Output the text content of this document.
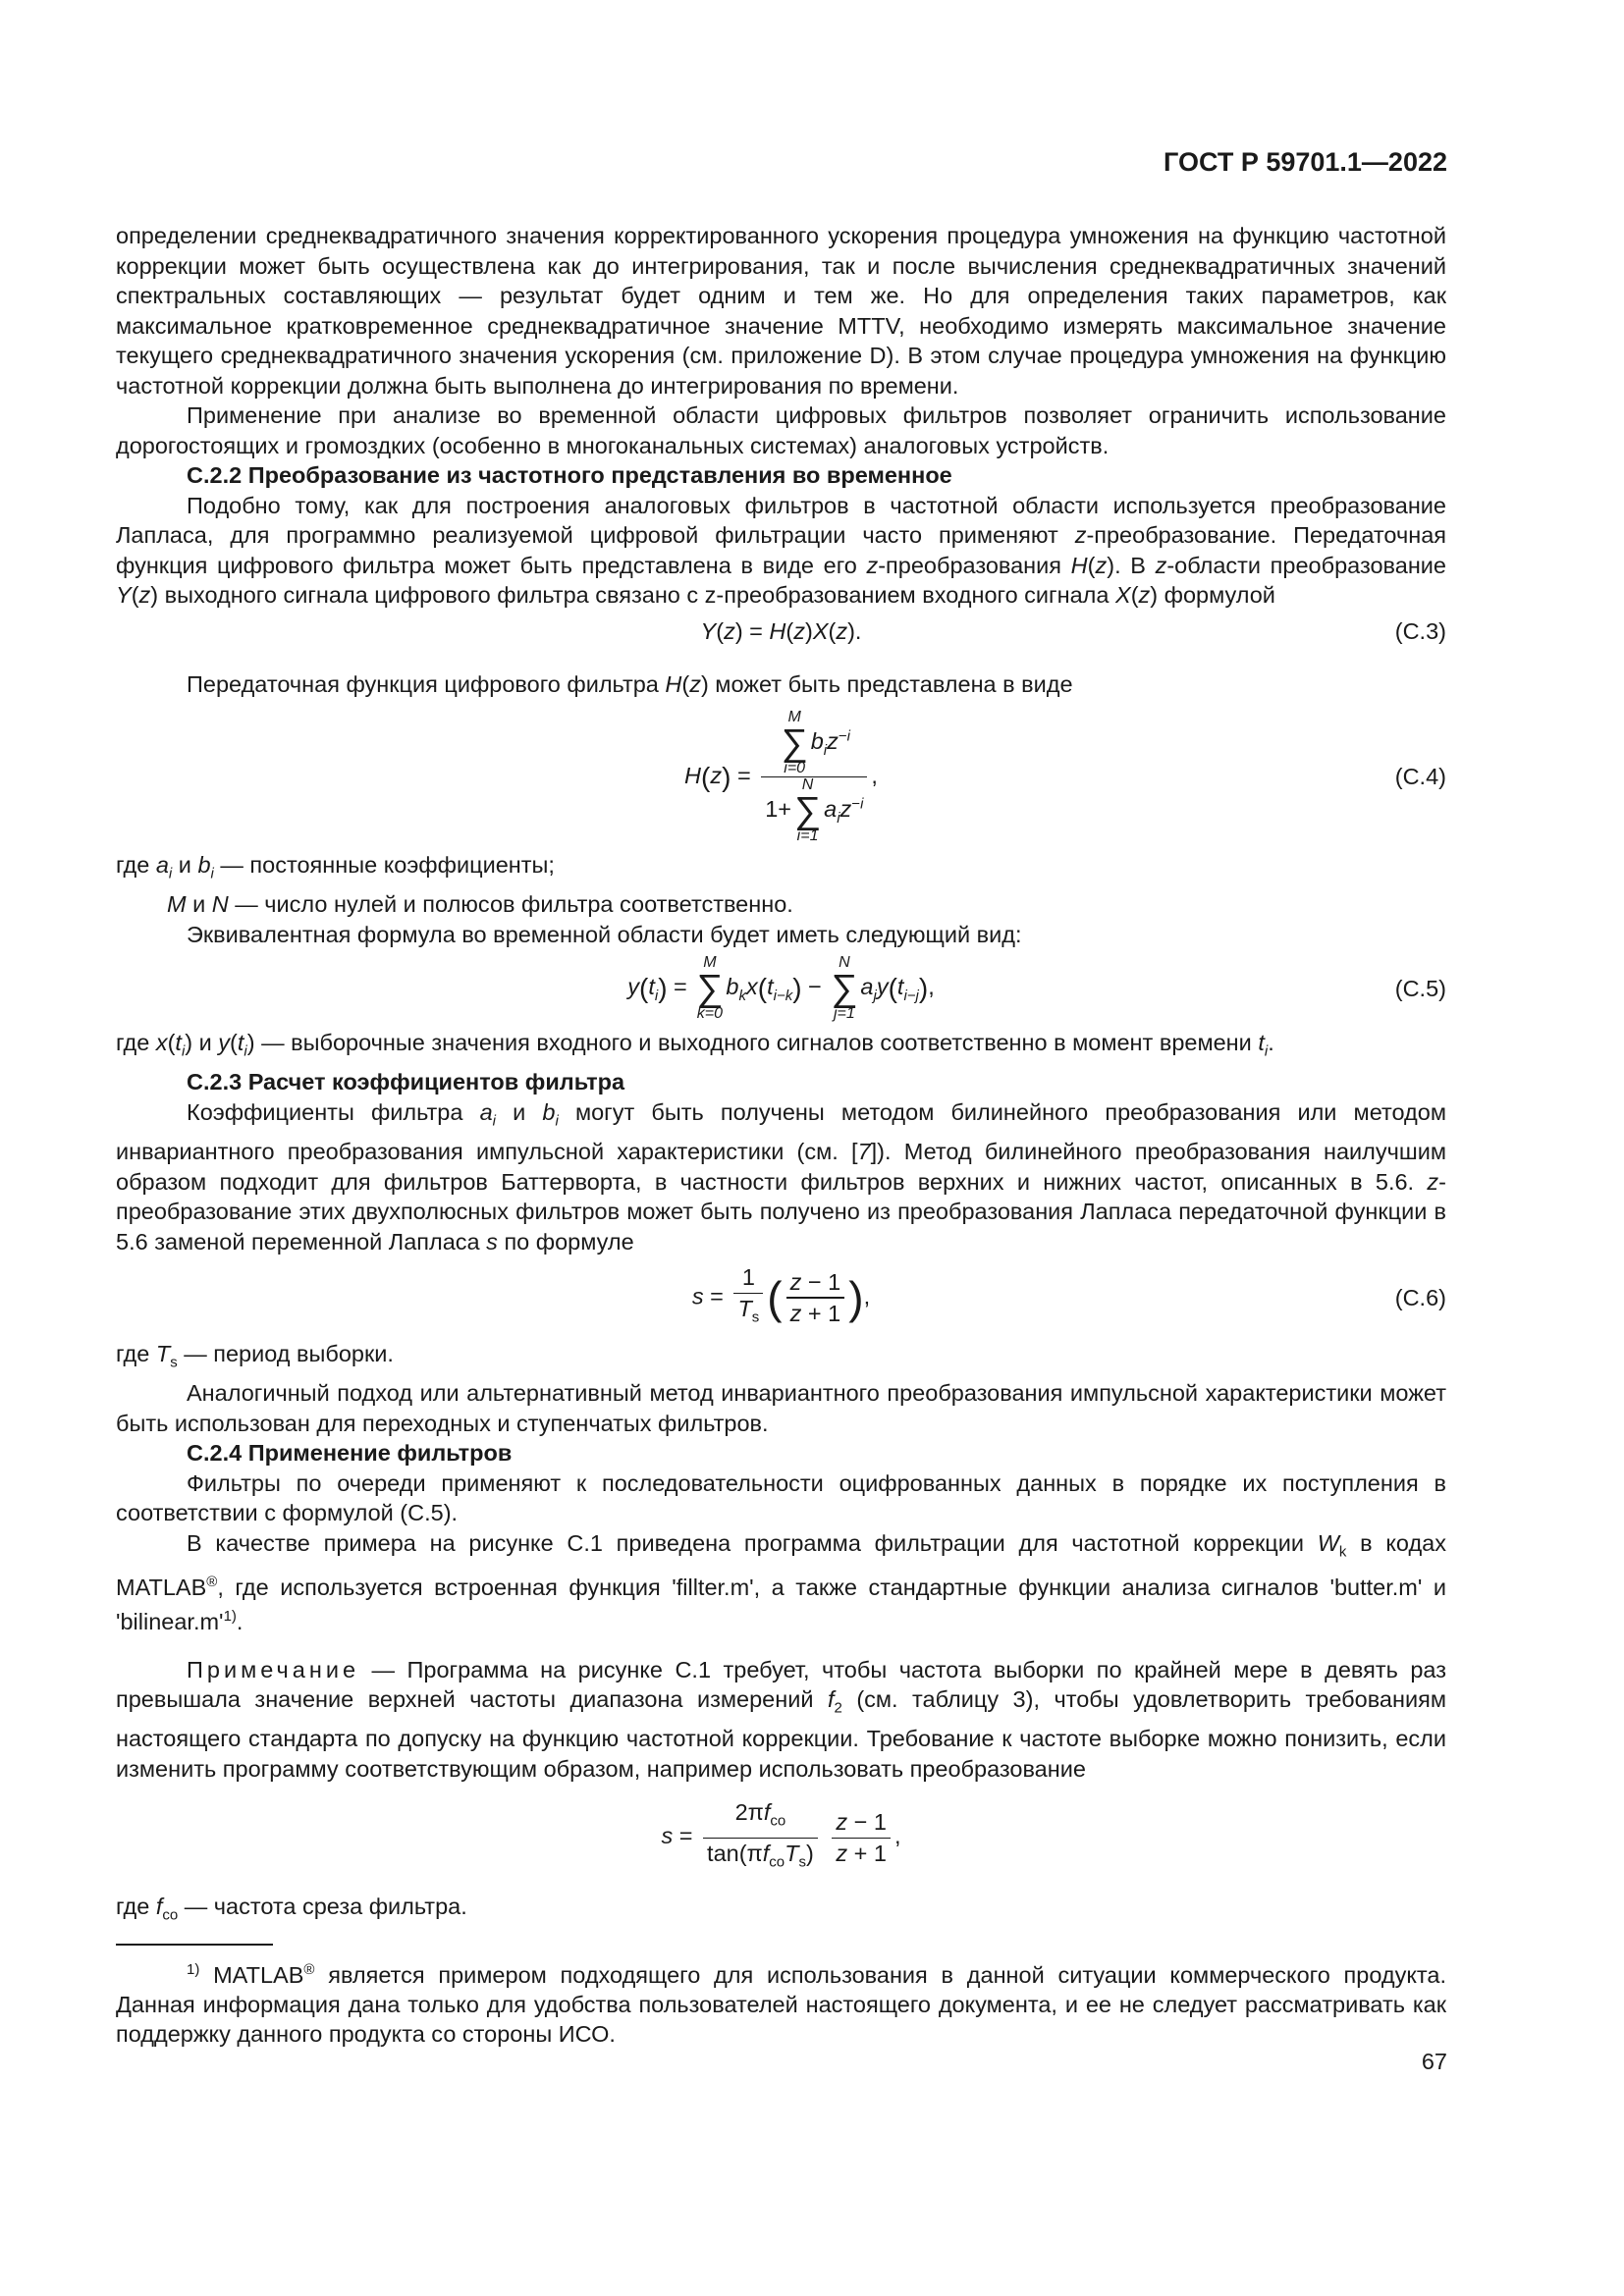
ГОСТ Р 59701.1—2022

определении среднеквадратичного значения корректированного ускорения процедура умножения на функцию частотной коррекции может быть осуществлена как до интегрирования, так и после вычисления среднеквадратичных значений спектральных составляющих — результат будет одним и тем же. Но для определения таких параметров, как максимальное кратковременное среднеквадратичное значение MTTV, необходимо измерять максимальное значение текущего среднеквадратичного значения ускорения (см. приложение D). В этом случае процедура умножения на функцию частотной коррекции должна быть выполнена до интегрирования по времени.

Применение при анализе во временной области цифровых фильтров позволяет ограничить использование дорогостоящих и громоздких (особенно в многоканальных системах) аналоговых устройств.

С.2.2 Преобразование из частотного представления во временное

Подобно тому, как для построения аналоговых фильтров в частотной области используется преобразование Лапласа, для программно реализуемой цифровой фильтрации часто применяют z-преобразование. Передаточная функция цифрового фильтра может быть представлена в виде его z-преобразования H(z). В z-области преобразование Y(z) выходного сигнала цифрового фильтра связано с z-преобразованием входного сигнала X(z) формулой

Y(z) = H(z)X(z).	(С.3)

Передаточная функция цифрового фильтра H(z) может быть представлена в виде

H(z) = M
∑
i=0
$b_iz^{-i}$
1+
N
∑
i=1
$a_iz^{-i}$ ,	(С.4)

где $a_i$ и $b_i$ — постоянные коэффициенты;

M и N — число нулей и полюсов фильтра соответственно.

Эквивалентная формула во временной области будет иметь следующий вид:

$y(t_i)$ =
M
∑
k=0
$b_kx(t_{i-k})$ −
N
∑
j=1
$a_jy(t_{i-j})$,	(С.5)

где $x(t_i)$ и $y(t_i)$ — выборочные значения входного и выходного сигналов соответственно в момент времени $t_i$.

С.2.3 Расчет коэффициентов фильтра

Коэффициенты фильтра $a_i$ и $b_i$ могут быть получены методом билинейного преобразования или методом инвариантного преобразования импульсной характеристики (см. [7]). Метод билинейного преобразования наилучшим образом подходит для фильтров Баттерворта, в частности фильтров верхних и нижних частот, описанных в 5.6. z-преобразование этих двухполюсных фильтров может быть получено из преобразования Лапласа передаточной функции в 5.6 заменой переменной Лапласа s по формуле

$s = \frac{1}{T_s}$ ( $\frac{z - 1}{z + 1}$ ),	(С.6)

где $T_s$ — период выборки.

Аналогичный подход или альтернативный метод инвариантного преобразования импульсной характеристики может быть использован для переходных и ступенчатых фильтров.

С.2.4 Применение фильтров

Фильтры по очереди применяют к последовательности оцифрованных данных в порядке их поступления в соответствии с формулой (С.5).

В качестве примера на рисунке С.1 приведена программа фильтрации для частотной коррекции $W_k$ в кодах MATLAB®, где используется встроенная функция 'fillter.m', а также стандартные функции анализа сигналов 'butter.m' и '$bilinear.m'^{1)}$.

Примечание — Программа на рисунке С.1 требует, чтобы частота выборки по крайней мере в девять раз превышала значение верхней частоты диапазона измерений $f_2$ (см. таблицу 3), чтобы удовлетворить требованиям настоящего стандарта по допуску на функцию частотной коррекции. Требование к частоте выборке можно понизить, если изменить программу соответствующим образом, например использовать преобразование

$s = \frac{2\pi f_{co}}{\tan(\pi f_{co}T_s)}$
$\frac{z - 1}{z + 1}$ ,

где $f_{co}$ — частота среза фильтра.

$^{1)}$ MATLAB® является примером подходящего для использования в данной ситуации коммерческого продукта. Данная информация дана только для удобства пользователей настоящего документа, и ее не следует рассматривать как поддержку данного продукта со стороны ИСО.

67
